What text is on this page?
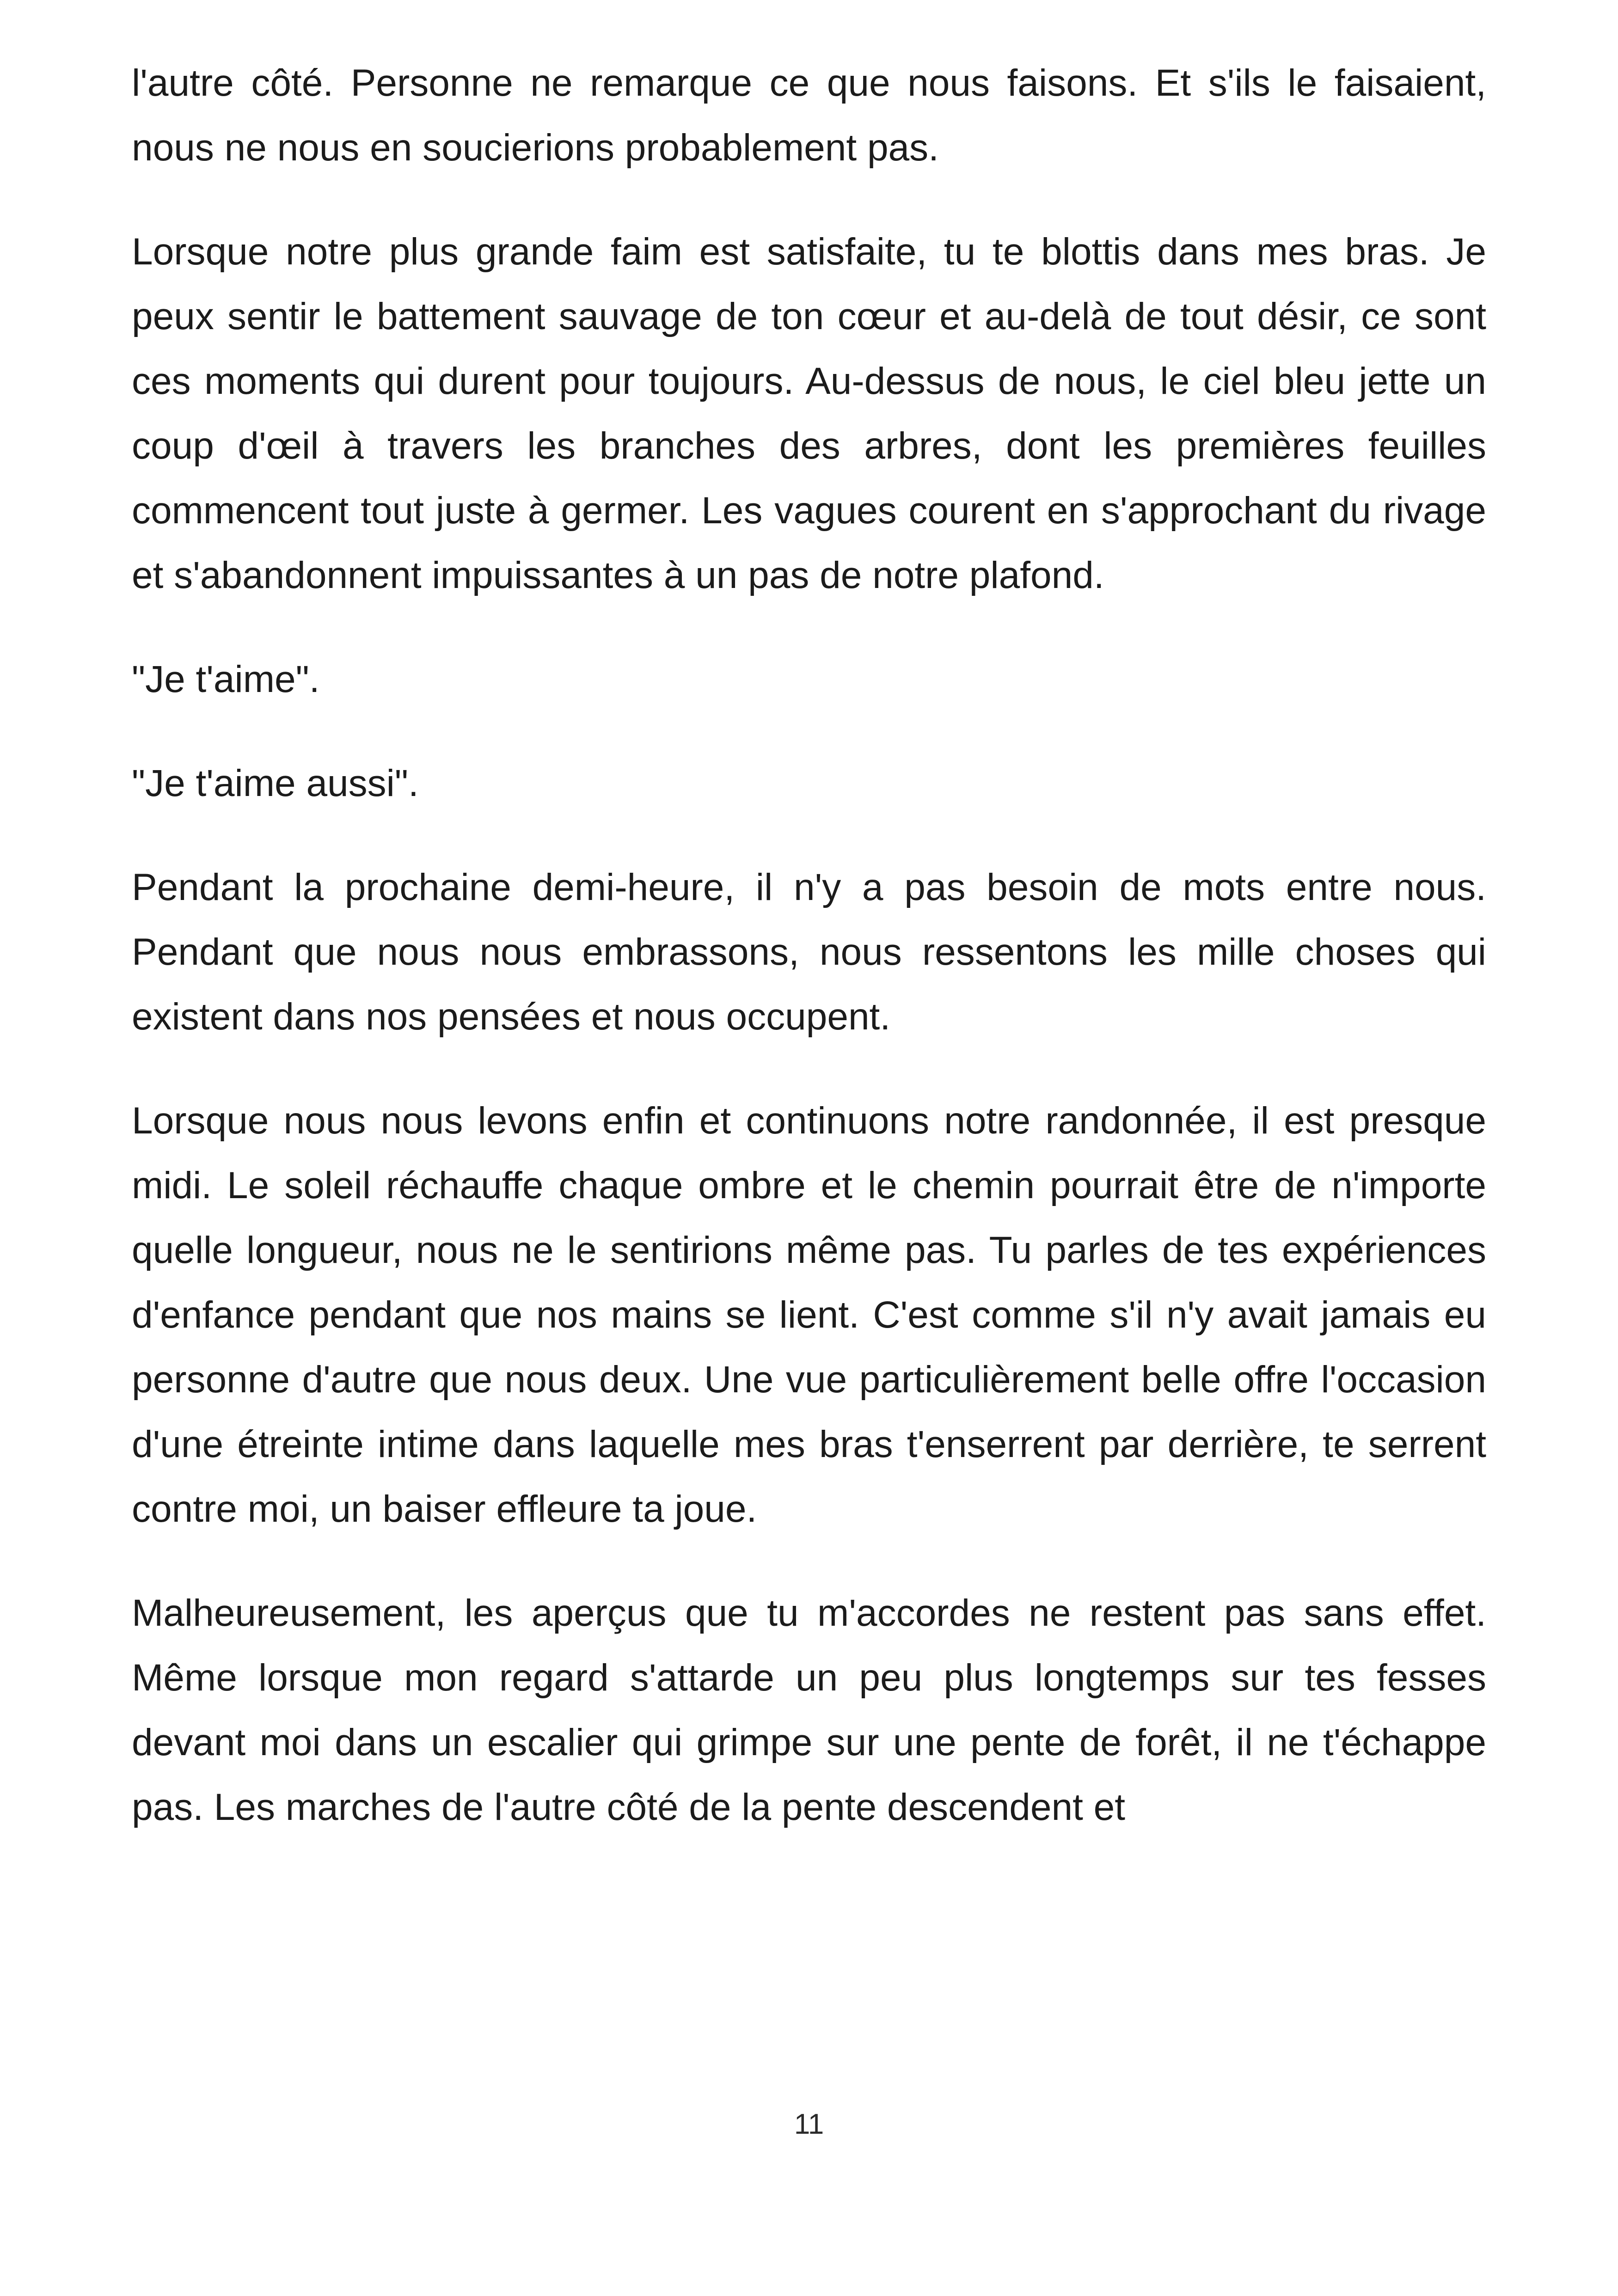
l'autre côté. Personne ne remarque ce que nous faisons. Et s'ils le faisaient, nous ne nous en soucierions probablement pas.

Lorsque notre plus grande faim est satisfaite, tu te blottis dans mes bras. Je peux sentir le battement sauvage de ton cœur et au-delà de tout désir, ce sont ces moments qui durent pour toujours. Au-dessus de nous, le ciel bleu jette un coup d'œil à travers les branches des arbres, dont les premières feuilles commencent tout juste à germer. Les vagues courent en s'approchant du rivage et s'abandonnent impuissantes à un pas de notre plafond.

"Je t'aime".

"Je t'aime aussi".

Pendant la prochaine demi-heure, il n'y a pas besoin de mots entre nous. Pendant que nous nous embrassons, nous ressentons les mille choses qui existent dans nos pensées et nous occupent.

Lorsque nous nous levons enfin et continuons notre randonnée, il est presque midi. Le soleil réchauffe chaque ombre et le chemin pourrait être de n'importe quelle longueur, nous ne le sentirions même pas. Tu parles de tes expériences d'enfance pendant que nos mains se lient. C'est comme s'il n'y avait jamais eu personne d'autre que nous deux. Une vue particulièrement belle offre l'occasion d'une étreinte intime dans laquelle mes bras t'enserrent par derrière, te serrent contre moi, un baiser effleure ta joue.

Malheureusement, les aperçus que tu m'accordes ne restent pas sans effet. Même lorsque mon regard s'attarde un peu plus longtemps sur tes fesses devant moi dans un escalier qui grimpe sur une pente de forêt, il ne t'échappe pas. Les marches de l'autre côté de la pente descendent et

11
